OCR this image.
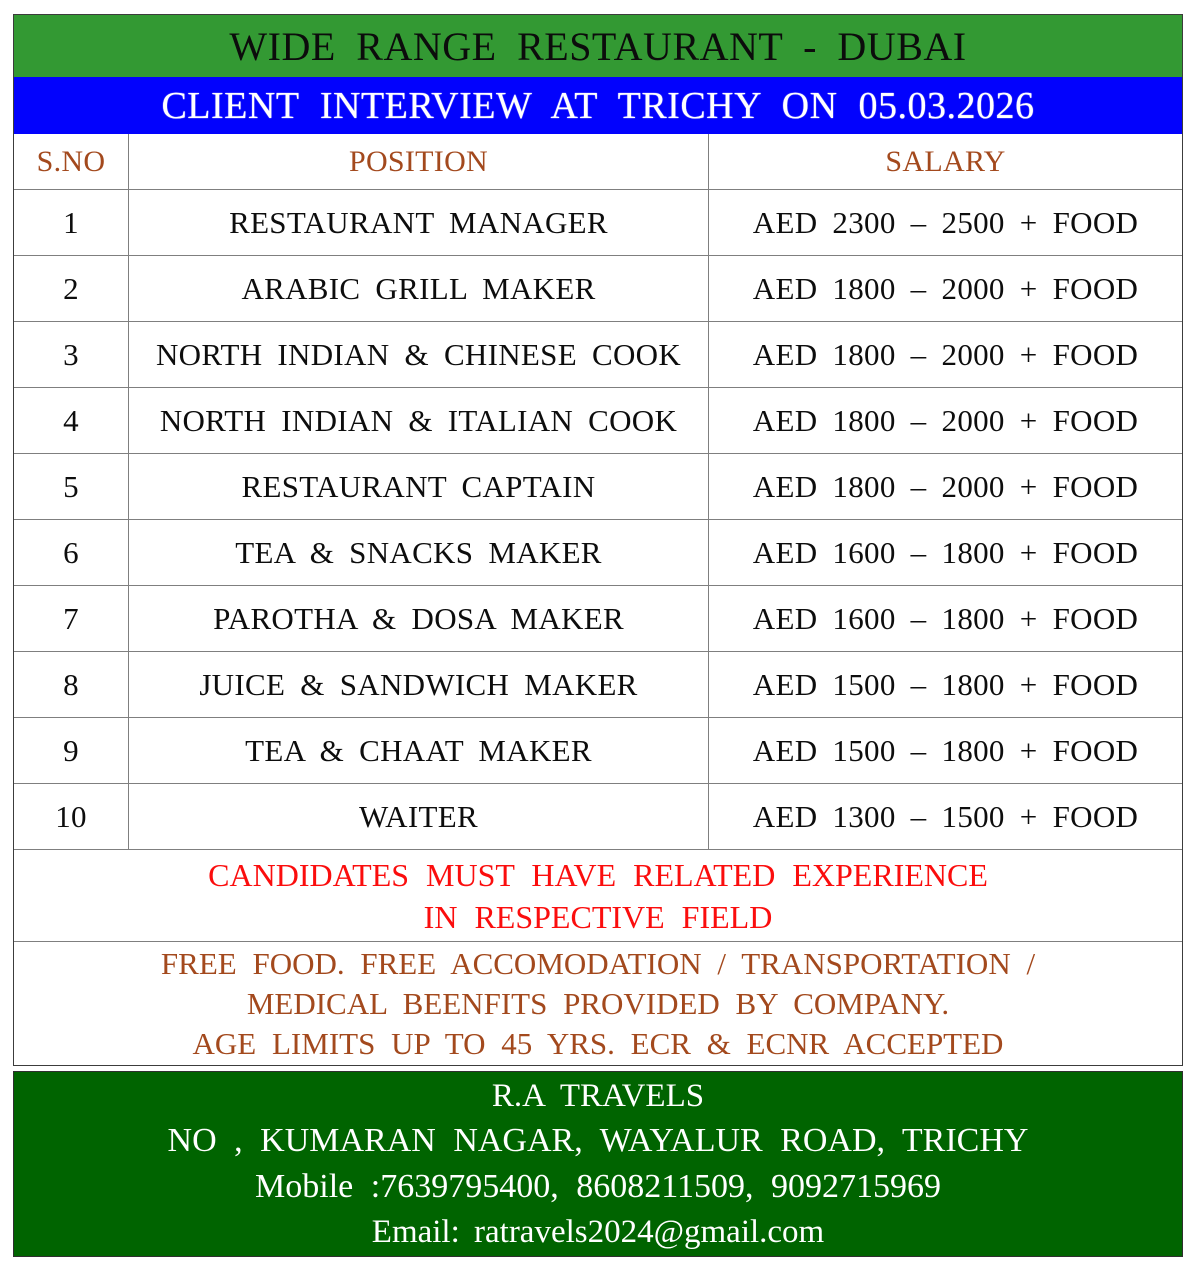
WIDE RANGE RESTAURANT - DUBAI
CLIENT INTERVIEW AT TRICHY ON 05.03.2026
S.NO	POSITION	SALARY
1	RESTAURANT MANAGER	AED 2300 – 2500 + FOOD
2	ARABIC GRILL MAKER	AED 1800 – 2000 + FOOD
3	NORTH INDIAN & CHINESE COOK	AED 1800 – 2000 + FOOD
4	NORTH INDIAN & ITALIAN COOK	AED 1800 – 2000 + FOOD
5	RESTAURANT CAPTAIN	AED 1800 – 2000 + FOOD
6	TEA & SNACKS MAKER	AED 1600 – 1800 + FOOD
7	PAROTHA & DOSA MAKER	AED 1600 – 1800 + FOOD
8	JUICE & SANDWICH MAKER	AED 1500 – 1800 + FOOD
9	TEA & CHAAT MAKER	AED 1500 – 1800 + FOOD
10	WAITER	AED 1300 – 1500 + FOOD
CANDIDATES MUST HAVE RELATED EXPERIENCE
IN RESPECTIVE FIELD
FREE FOOD. FREE ACCOMODATION / TRANSPORTATION /
MEDICAL BEENFITS PROVIDED BY COMPANY.
AGE LIMITS UP TO 45 YRS. ECR & ECNR ACCEPTED
R.A TRAVELS
NO , KUMARAN NAGAR, WAYALUR ROAD, TRICHY
Mobile :7639795400, 8608211509, 9092715969
Email: ratravels2024@gmail.com
